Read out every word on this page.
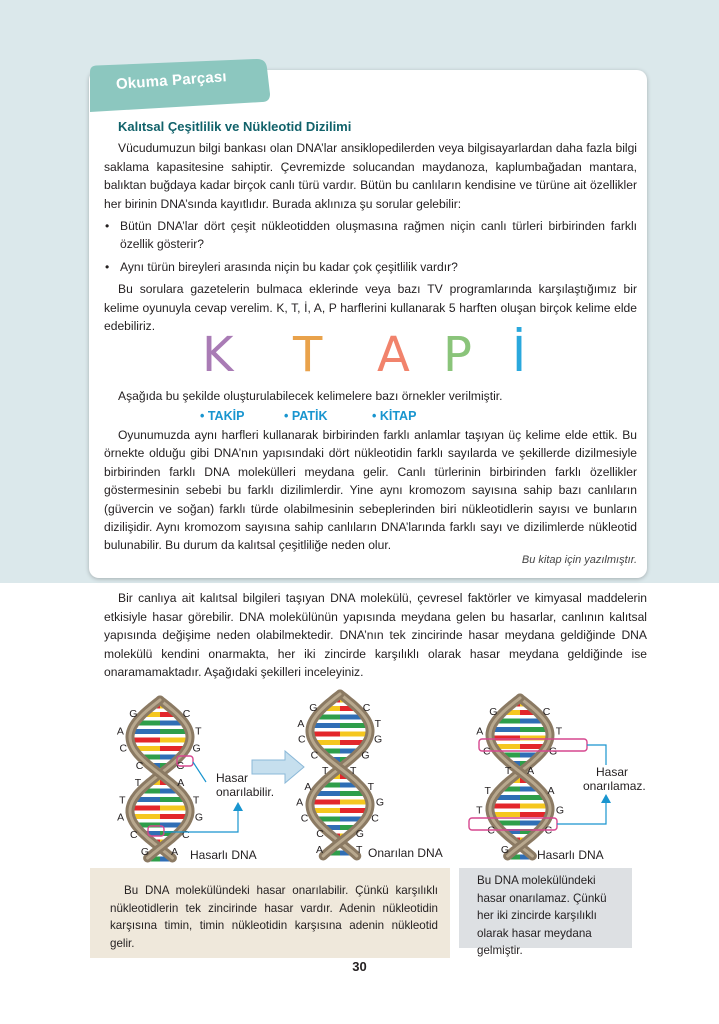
Bu kitap için yazılmıştır.
Okuma Parçası

Kalıtsal Çeşitlilik ve Nükleotid Dizilimi

Vücudumuzun bilgi bankası olan DNA’lar ansiklopedilerden veya bilgisayarlardan daha fazla bilgi saklama kapasitesine sahiptir. Çevremizde solucandan maydanoza, kaplumbağadan mantara, balıktan buğdaya kadar birçok canlı türü vardır. Bütün bu canlıların kendisine ve türüne ait özellikler her birinin DNA’sında kayıtlıdır. Burada aklınıza şu sorular gelebilir:

• Bütün DNA’lar dört çeşit nükleotidden oluşmasına rağmen niçin canlı türleri birbirinden farklı özellik gösterir?

• Aynı türün bireyleri arasında niçin bu kadar çok çeşitlilik vardır?

Bu sorulara gazetelerin bulmaca eklerinde veya bazı TV programlarında karşılaştığımız bir kelime oyunuyla cevap verelim. K, T, İ, A, P harflerini kullanarak 5 harften oluşan birçok kelime elde edebiliriz.

K T A P İ

Aşağıda bu şekilde oluşturulabilecek kelimelere bazı örnekler verilmiştir.

• TAKİP	• PATİK	• KİTAP

Oyunumuzda aynı harfleri kullanarak birbirinden farklı anlamlar taşıyan üç kelime elde ettik. Bu örnekte olduğu gibi DNA’nın yapısındaki dört nükleotidin farklı sayılarda ve şekillerde dizilmesiyle birbirinden farklı DNA molekülleri meydana gelir. Canlı türlerinin birbirinden farklı özellikler göstermesinin sebebi bu farklı dizilimlerdir. Yine aynı kromozom sayısına sahip bazı canlıların (güvercin ve soğan) farklı türde olabilmesinin sebeplerinden biri nükleotidlerin sayısı ve bunların dizilişidir. Aynı kromozom sayısına sahip canlıların DNA’larında farklı sayı ve dizilimlerde nükleotid bulunabilir. Bu durum da kalıtsal çeşitliliğe neden olur.

Bir canlıya ait kalıtsal bilgileri taşıyan DNA molekülü, çevresel faktörler ve kimyasal maddelerin etkisiyle hasar görebilir. DNA molekülünün yapısında meydana gelen bu hasarlar, canlının kalıtsal yapısında değişime neden olabilmektedir. DNA’nın tek zincirinde hasar meydana geldiğinde DNA molekülü kendini onarmakta, her iki zincirde karşılıklı olarak hasar meydana geldiğinde ise onaramamaktadır. Aşağıdaki şekilleri inceleyiniz.

G	C
A	T
C	G
C	G
T	A
T	T
A	G
C	C
G A
G	C
A	T
C	G
C	G
T T
A	T
A	G
C	C
C	G
A	T
G	C
A	T
C	G
T A
T	A
T	G
C	C
G
Hasar
onarılabilir.
Hasarlı DNA	Onarılan DNA
Hasar
onarılamaz.
Hasarlı DNA

Bu DNA molekülündeki hasar onarılabilir. Çünkü karşılıklı nükleotidlerin tek zincirinde hasar vardır. Adenin nükleotidin karşısına timin, timin nükleotidin karşısına adenin nükleotid gelir.

Bu DNA molekülündeki hasar onarılamaz. Çünkü her iki zincirde karşılıklı olarak hasar meydana gelmiştir.

30
